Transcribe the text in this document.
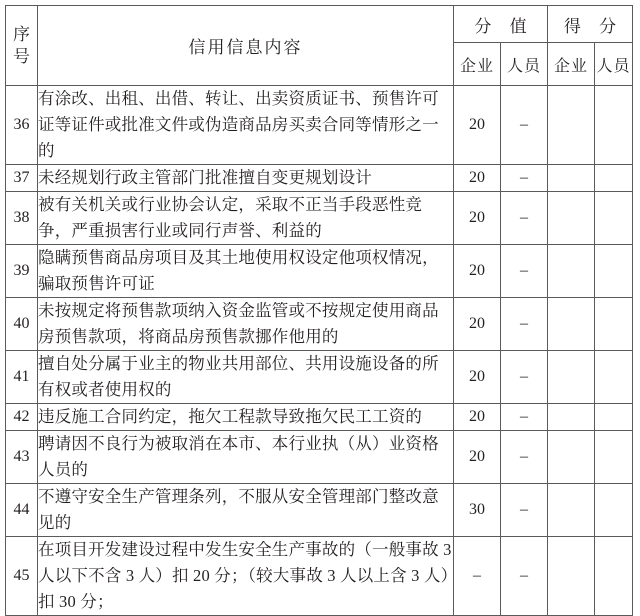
序
号	信用信息内容	分 值		得 分	
		企业	人员	企业	人员
36	有涂改、出租、出借、转让、出卖资质证书、预售许可证等证件或批准文件或伪造商品房买卖合同等情形之一的	20	–		
37	未经规划行政主管部门批准擅自变更规划设计	20	–		
38	被有关机关或行业协会认定，采取不正当手段恶性竞争，严重损害行业或同行声誉、利益的	20	–		
39	隐瞒预售商品房项目及其土地使用权设定他项权情况，骗取预售许可证	20	–		
40	未按规定将预售款项纳入资金监管或不按规定使用商品房预售款项，将商品房预售款挪作他用的	20	–		
41	擅自处分属于业主的物业共用部位、共用设施设备的所有权或者使用权的	20	–		
42	违反施工合同约定，拖欠工程款导致拖欠民工工资的	20	–		
43	聘请因不良行为被取消在本市、本行业执（从）业资格人员的	20	–		
44	不遵守安全生产管理条列，不服从安全管理部门整改意见的	30	–		
45	在项目开发建设过程中发生安全生产事故的（一般事故 3 人以下不含 3 人）扣 20 分；（较大事故 3 人以上含 3 人）扣 30 分；	–	–		
